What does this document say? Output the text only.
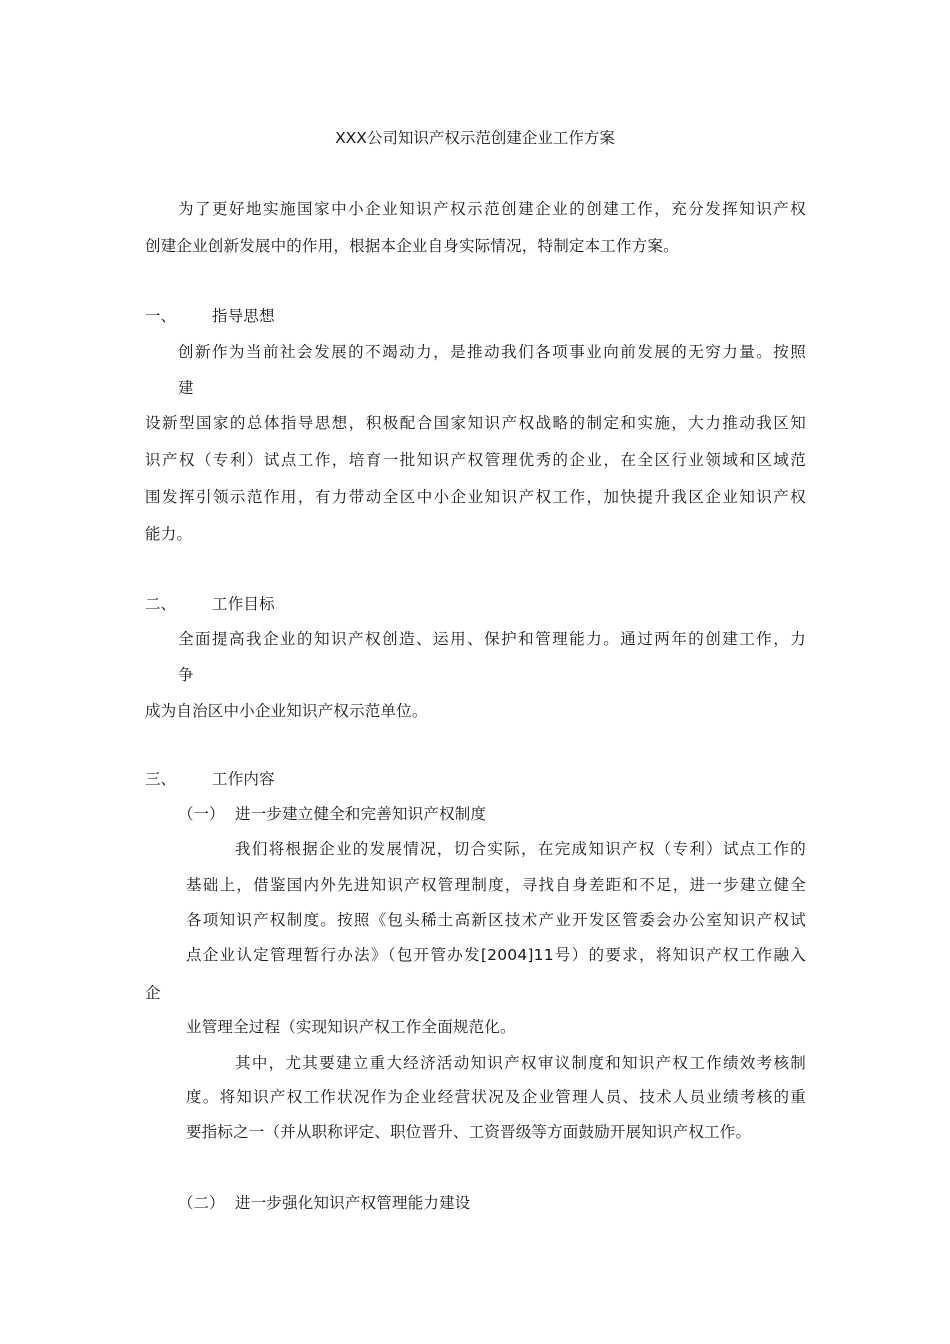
XXX公司知识产权示范创建企业工作方案
为了更好地实施国家中小企业知识产权示范创建企业的创建工作，充分发挥知识产权
创建企业创新发展中的作用，根据本企业自身实际情况，特制定本工作方案。
一、 指导思想
创新作为当前社会发展的不竭动力，是推动我们各项事业向前发展的无穷力量。按照
建
设新型国家的总体指导思想，积极配合国家知识产权战略的制定和实施，大力推动我区知
识产权（专利）试点工作，培育一批知识产权管理优秀的企业，在全区行业领域和区域范
围发挥引领示范作用，有力带动全区中小企业知识产权工作，加快提升我区企业知识产权
能力。
二、 工作目标
全面提高我企业的知识产权创造、运用、保护和管理能力。通过两年的创建工作，力
争
成为自治区中小企业知识产权示范单位。
三、 工作内容
（一） 进一步建立健全和完善知识产权制度
我们将根据企业的发展情况，切合实际，在完成知识产权（专利）试点工作的
基础上，借鉴国内外先进知识产权管理制度，寻找自身差距和不足，进一步建立健全
各项知识产权制度。按照《包头稀土高新区技术产业开发区管委会办公室知识产权试
点企业认定管理暂行办法》（包开管办发[2004]11号）的要求，将知识产权工作融入
企
业管理全过程（实现知识产权工作全面规范化。
其中，尤其要建立重大经济活动知识产权审议制度和知识产权工作绩效考核制
度。将知识产权工作状况作为企业经营状况及企业管理人员、技术人员业绩考核的重
要指标之一（并从职称评定、职位晋升、工资晋级等方面鼓励开展知识产权工作。
（二） 进一步强化知识产权管理能力建设
